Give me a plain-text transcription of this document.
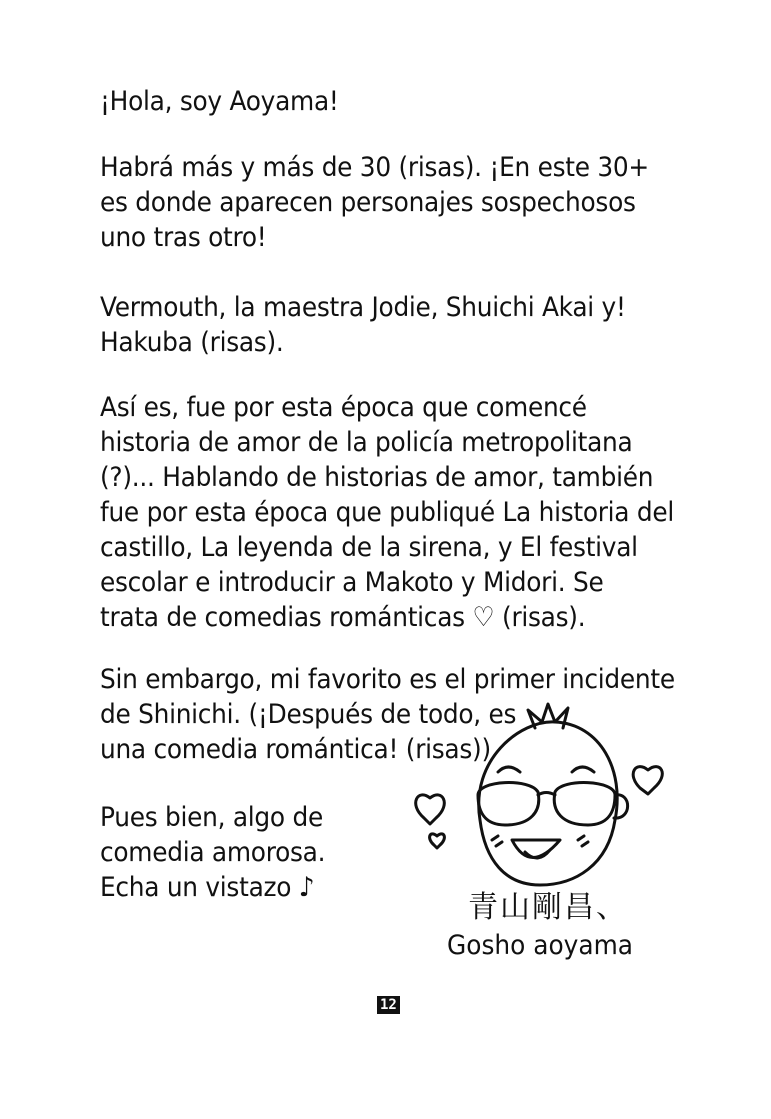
¡Hola, soy Aoyama!
Habrá más y más de 30 (risas). ¡En este 30+
es donde aparecen personajes sospechosos
uno tras otro!
Vermouth, la maestra Jodie, Shuichi Akai y!
Hakuba (risas).
Así es, fue por esta época que comencé
historia de amor de la policía metropolitana
(?)... Hablando de historias de amor, también
fue por esta época que publiqué La historia del
castillo, La leyenda de la sirena, y El festival
escolar e introducir a Makoto y Midori. Se
trata de comedias románticas ♡ (risas).
Sin embargo, mi favorito es el primer incidente
de Shinichi. (¡Después de todo, es
una comedia romántica! (risas))
Pues bien, algo de
comedia amorosa.
Echa un vistazo ♪
青山剛昌、
Gosho aoyama
12
